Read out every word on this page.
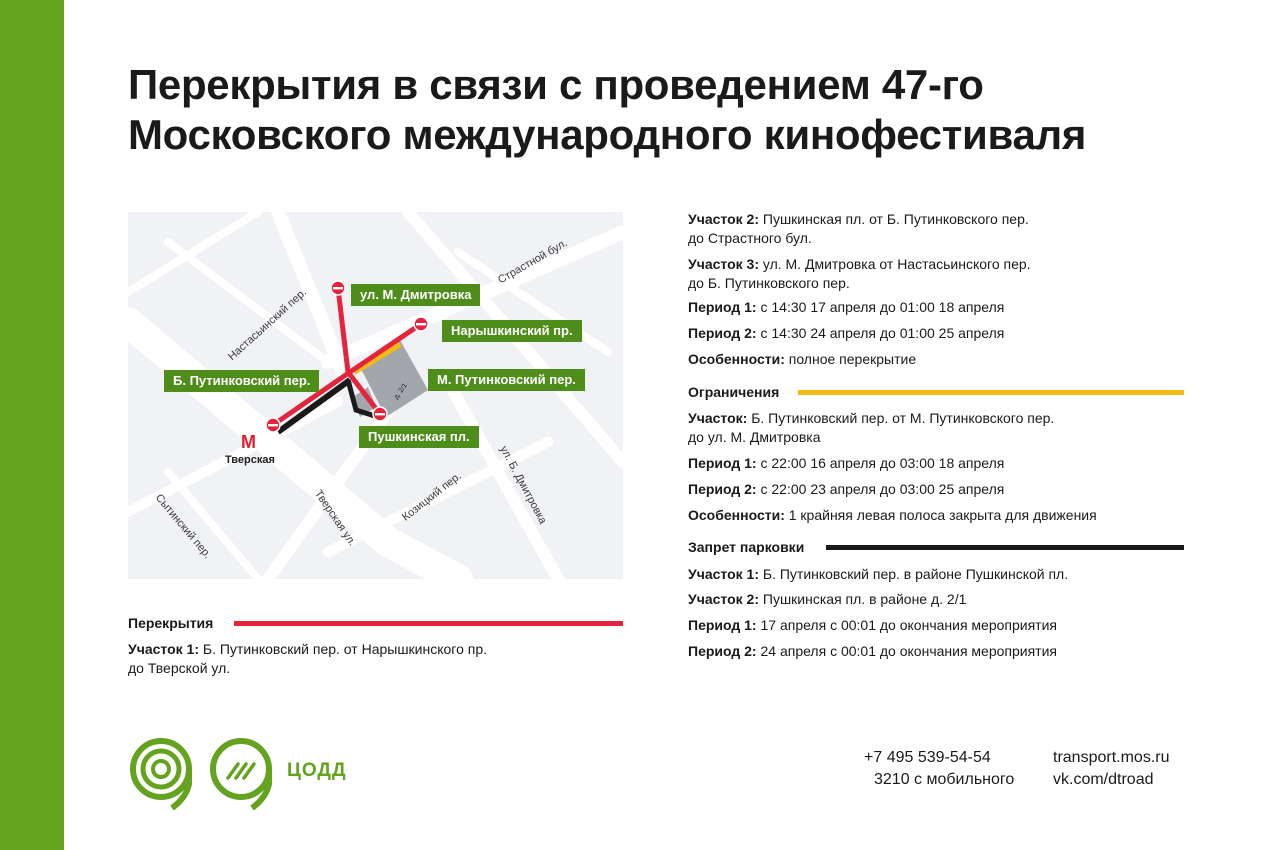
Перекрытия в связи с проведением 47-го
Московского международного кинофестиваля
ул. М. Дмитровка
Нарышкинский пр.
Б. Путинковский пер.	М. Путинковский пер.
Пушкинская пл.
Настасьинский пер.
Страстной бул.
Сытинский пер.	Тверская ул.	Козицкий пер.	ул. Б. Дмитровка
М
Тверская
д. 2/1
Перекрытия
Участок 1: Б. Путинковский пер. от Нарышкинского пр.
до Тверской ул.
Участок 2: Пушкинская пл. от Б. Путинковского пер.
до Страстного бул.
Участок 3: ул. М. Дмитровка от Настасьинского пер.
до Б. Путинковского пер.
Период 1: с 14:30 17 апреля до 01:00 18 апреля
Период 2: с 14:30 24 апреля до 01:00 25 апреля
Особенности: полное перекрытие
Ограничения
Участок: Б. Путинковский пер. от М. Путинковского пер.
до ул. М. Дмитровка
Период 1: с 22:00 16 апреля до 03:00 18 апреля
Период 2: с 22:00 23 апреля до 03:00 25 апреля
Особенности: 1 крайняя левая полоса закрыта для движения
Запрет парковки
Участок 1: Б. Путинковский пер. в районе Пушкинской пл.
Участок 2: Пушкинская пл. в районе д. 2/1
Период 1: 17 апреля с 00:01 до окончания мероприятия
Период 2: 24 апреля с 00:01 до окончания мероприятия
ЦОДД
+7 495 539-54-54
3210 с мобильного
transport.mos.ru
vk.com/dtroad
